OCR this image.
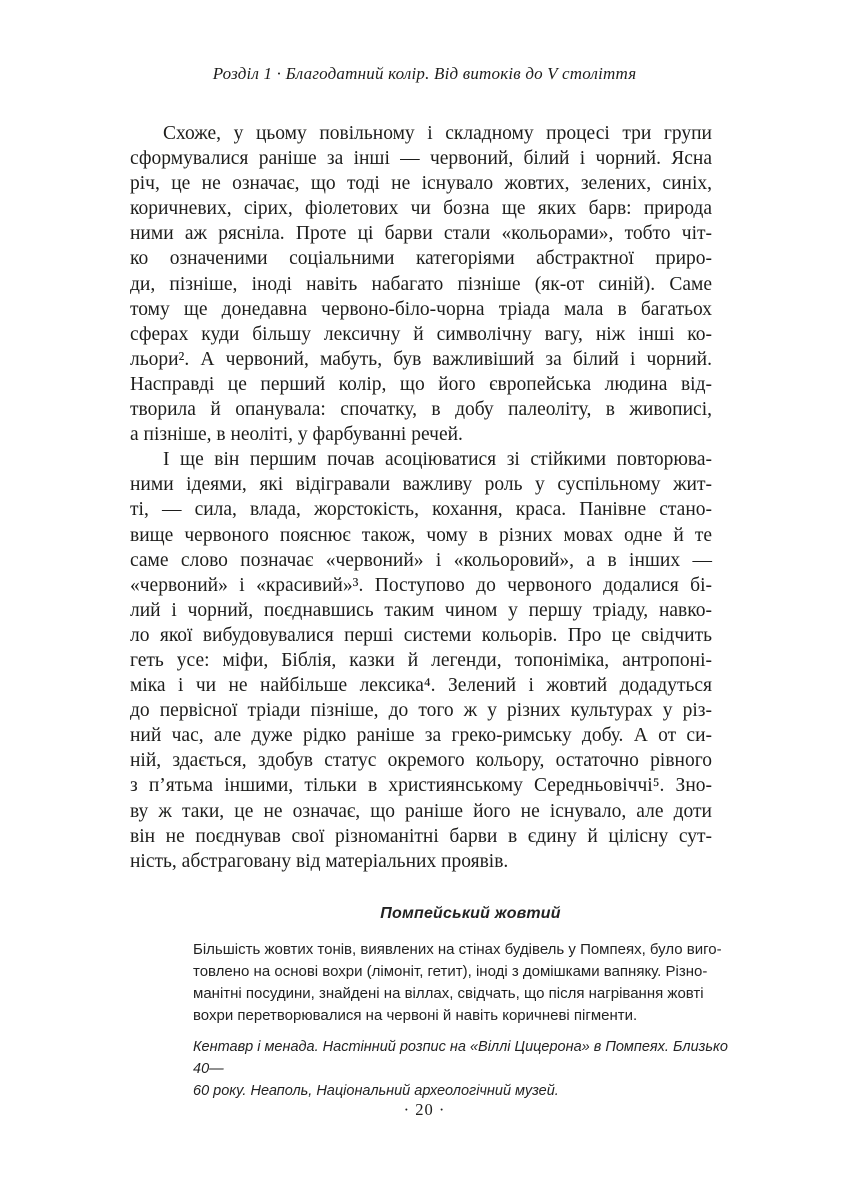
Розділ 1 · Благодатний колір. Від витоків до V століття
Схоже, у цьому повільному і складному процесі три групи
сформувалися раніше за інші — червоний, білий і чорний. Ясна
річ, це не означає, що тоді не існувало жовтих, зелених, синіх,
коричневих, сірих, фіолетових чи бозна ще яких барв: природа
ними аж рясніла. Проте ці барви стали «кольорами», тобто чіт-
ко означеними соціальними категоріями абстрактної приро-
ди, пізніше, іноді навіть набагато пізніше (як-от синій). Саме
тому ще донедавна червоно-біло-чорна тріада мала в багатьох
сферах куди більшу лексичну й символічну вагу, ніж інші ко-
льори². А червоний, мабуть, був важливіший за білий і чорний.
Насправді це перший колір, що його європейська людина від-
творила й опанувала: спочатку, в добу палеоліту, в живописі,
а пізніше, в неоліті, у фарбуванні речей.
І ще він першим почав асоціюватися зі стійкими повторюва-
ними ідеями, які відігравали важливу роль у суспільному жит-
ті, — сила, влада, жорстокість, кохання, краса. Панівне стано-
вище червоного пояснює також, чому в різних мовах одне й те
саме слово позначає «червоний» і «кольоровий», а в інших —
«червоний» і «красивий»³. Поступово до червоного додалися бі-
лий і чорний, поєднавшись таким чином у першу тріаду, навко-
ло якої вибудовувалися перші системи кольорів. Про це свідчить
геть усе: міфи, Біблія, казки й легенди, топоніміка, антропоні-
міка і чи не найбільше лексика⁴. Зелений і жовтий додадуться
до первісної тріади пізніше, до того ж у різних культурах у різ-
ний час, але дуже рідко раніше за греко-римську добу. А от си-
ній, здається, здобув статус окремого кольору, остаточно рівного
з п’ятьма іншими, тільки в християнському Середньовіччі⁵. Зно-
ву ж таки, це не означає, що раніше його не існувало, але доти
він не поєднував свої різноманітні барви в єдину й цілісну сут-
ність, абстраговану від матеріальних проявів.
Помпейський жовтий
Більшість жовтих тонів, виявлених на стінах будівель у Помпеях, було виго-
товлено на основі вохри (лімоніт, гетит), іноді з домішками вапняку. Різно-
манітні посудини, знайдені на віллах, свідчать, що після нагрівання жовті
вохри перетворювалися на червоні й навіть коричневі пігменти.
Кентавр і менада. Настінний розпис на «Віллі Цицерона» в Помпеях. Близько 40—
60 року. Неаполь, Національний археологічний музей.
· 20 ·
